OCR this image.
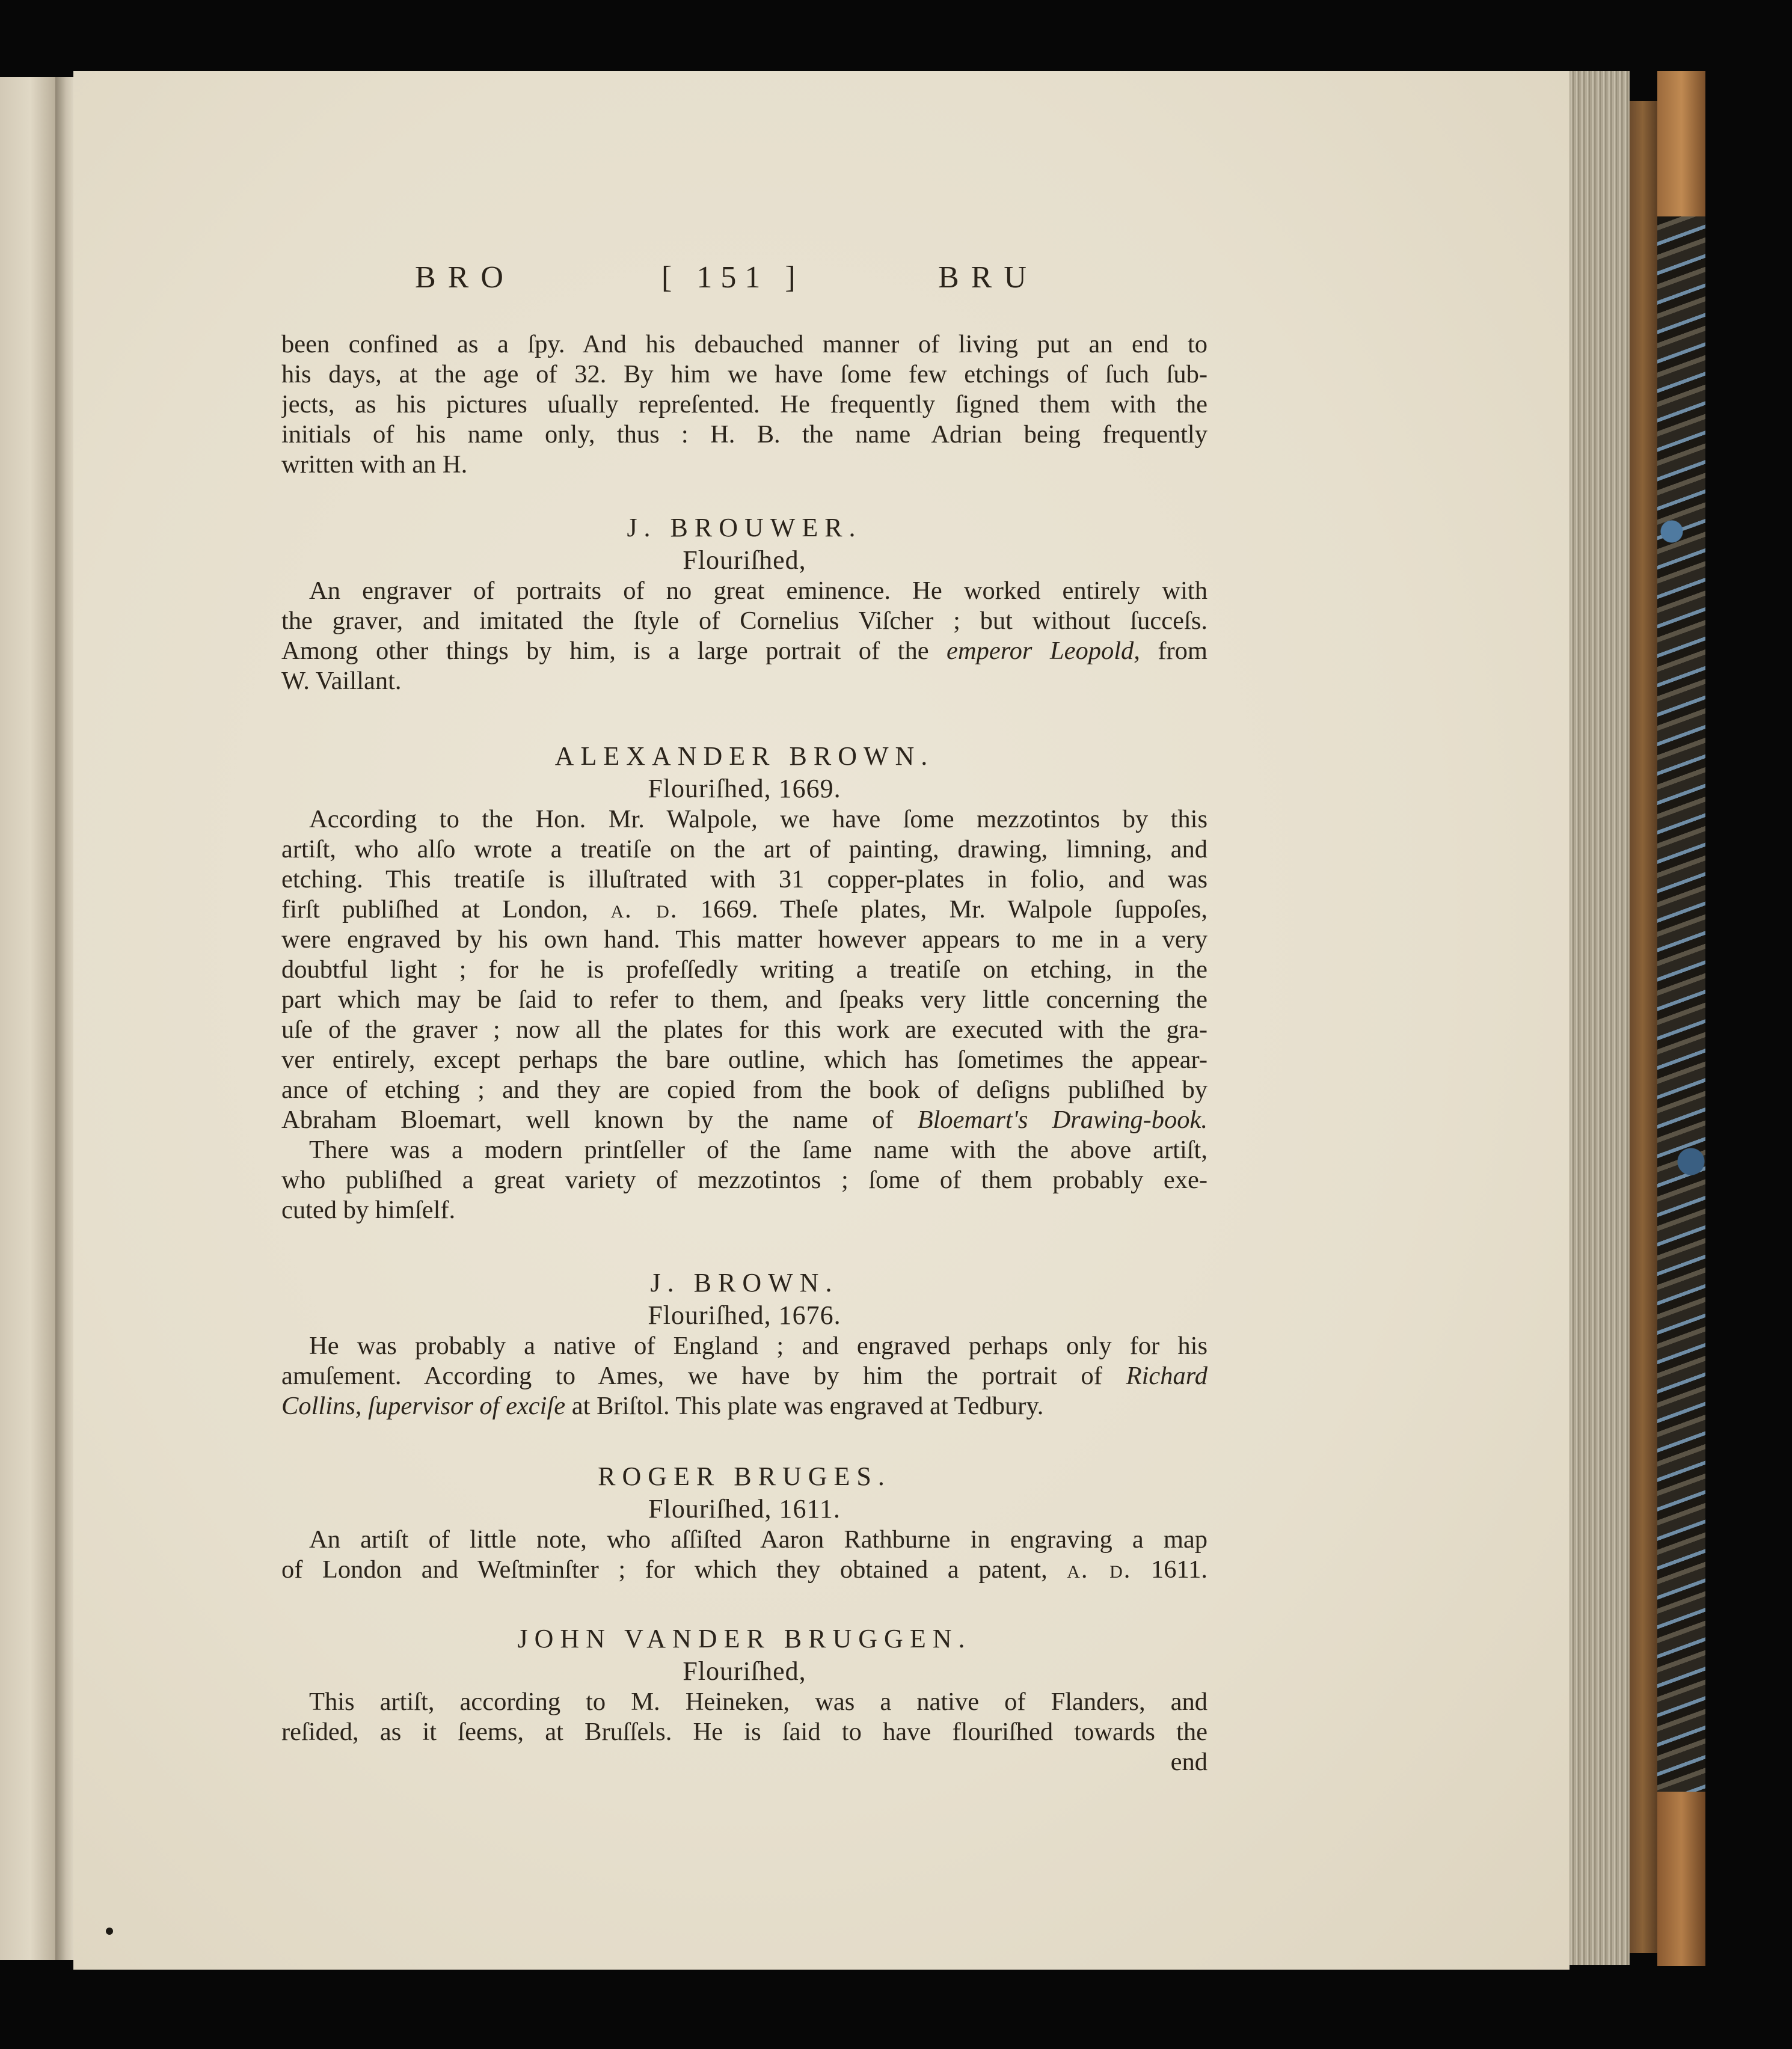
BRO	[ 151 ]	BRU
been confined as a ſpy. And his debauched manner of living put an end to
his days, at the age of 32. By him we have ſome few etchings of ſuch ſub-
jects, as his pictures uſually repreſented. He frequently ſigned them with the
initials of his name only, thus : H. B. the name Adrian being frequently
written with an H.
J. BROUWER.
Flouriſhed,
An engraver of portraits of no great eminence. He worked entirely with
the graver, and imitated the ſtyle of Cornelius Viſcher ; but without ſucceſs.
Among other things by him, is a large portrait of the emperor Leopold, from
W. Vaillant.
ALEXANDER BROWN.
Flouriſhed, 1669.
According to the Hon. Mr. Walpole, we have ſome mezzotintos by this
artiſt, who alſo wrote a treatiſe on the art of painting, drawing, limning, and
etching. This treatiſe is illuſtrated with 31 copper-plates in folio, and was
firſt publiſhed at London, a. d. 1669. Theſe plates, Mr. Walpole ſuppoſes,
were engraved by his own hand. This matter however appears to me in a very
doubtful light ; for he is profeſſedly writing a treatiſe on etching, in the
part which may be ſaid to refer to them, and ſpeaks very little concerning the
uſe of the graver ; now all the plates for this work are executed with the gra-
ver entirely, except perhaps the bare outline, which has ſometimes the appear-
ance of etching ; and they are copied from the book of deſigns publiſhed by
Abraham Bloemart, well known by the name of Bloemart's Drawing-book.
There was a modern printſeller of the ſame name with the above artiſt,
who publiſhed a great variety of mezzotintos ; ſome of them probably exe-
cuted by himſelf.
J. BROWN.
Flouriſhed, 1676.
He was probably a native of England ; and engraved perhaps only for his
amuſement. According to Ames, we have by him the portrait of Richard
Collins, ſupervisor of exciſe at Briſtol. This plate was engraved at Tedbury.
ROGER BRUGES.
Flouriſhed, 1611.
An artiſt of little note, who aſſiſted Aaron Rathburne in engraving a map
of London and Weſtminſter ; for which they obtained a patent, a. d. 1611.
JOHN VANDER BRUGGEN.
Flouriſhed,
This artiſt, according to M. Heineken, was a native of Flanders, and
reſided, as it ſeems, at Bruſſels. He is ſaid to have flouriſhed towards the
end
